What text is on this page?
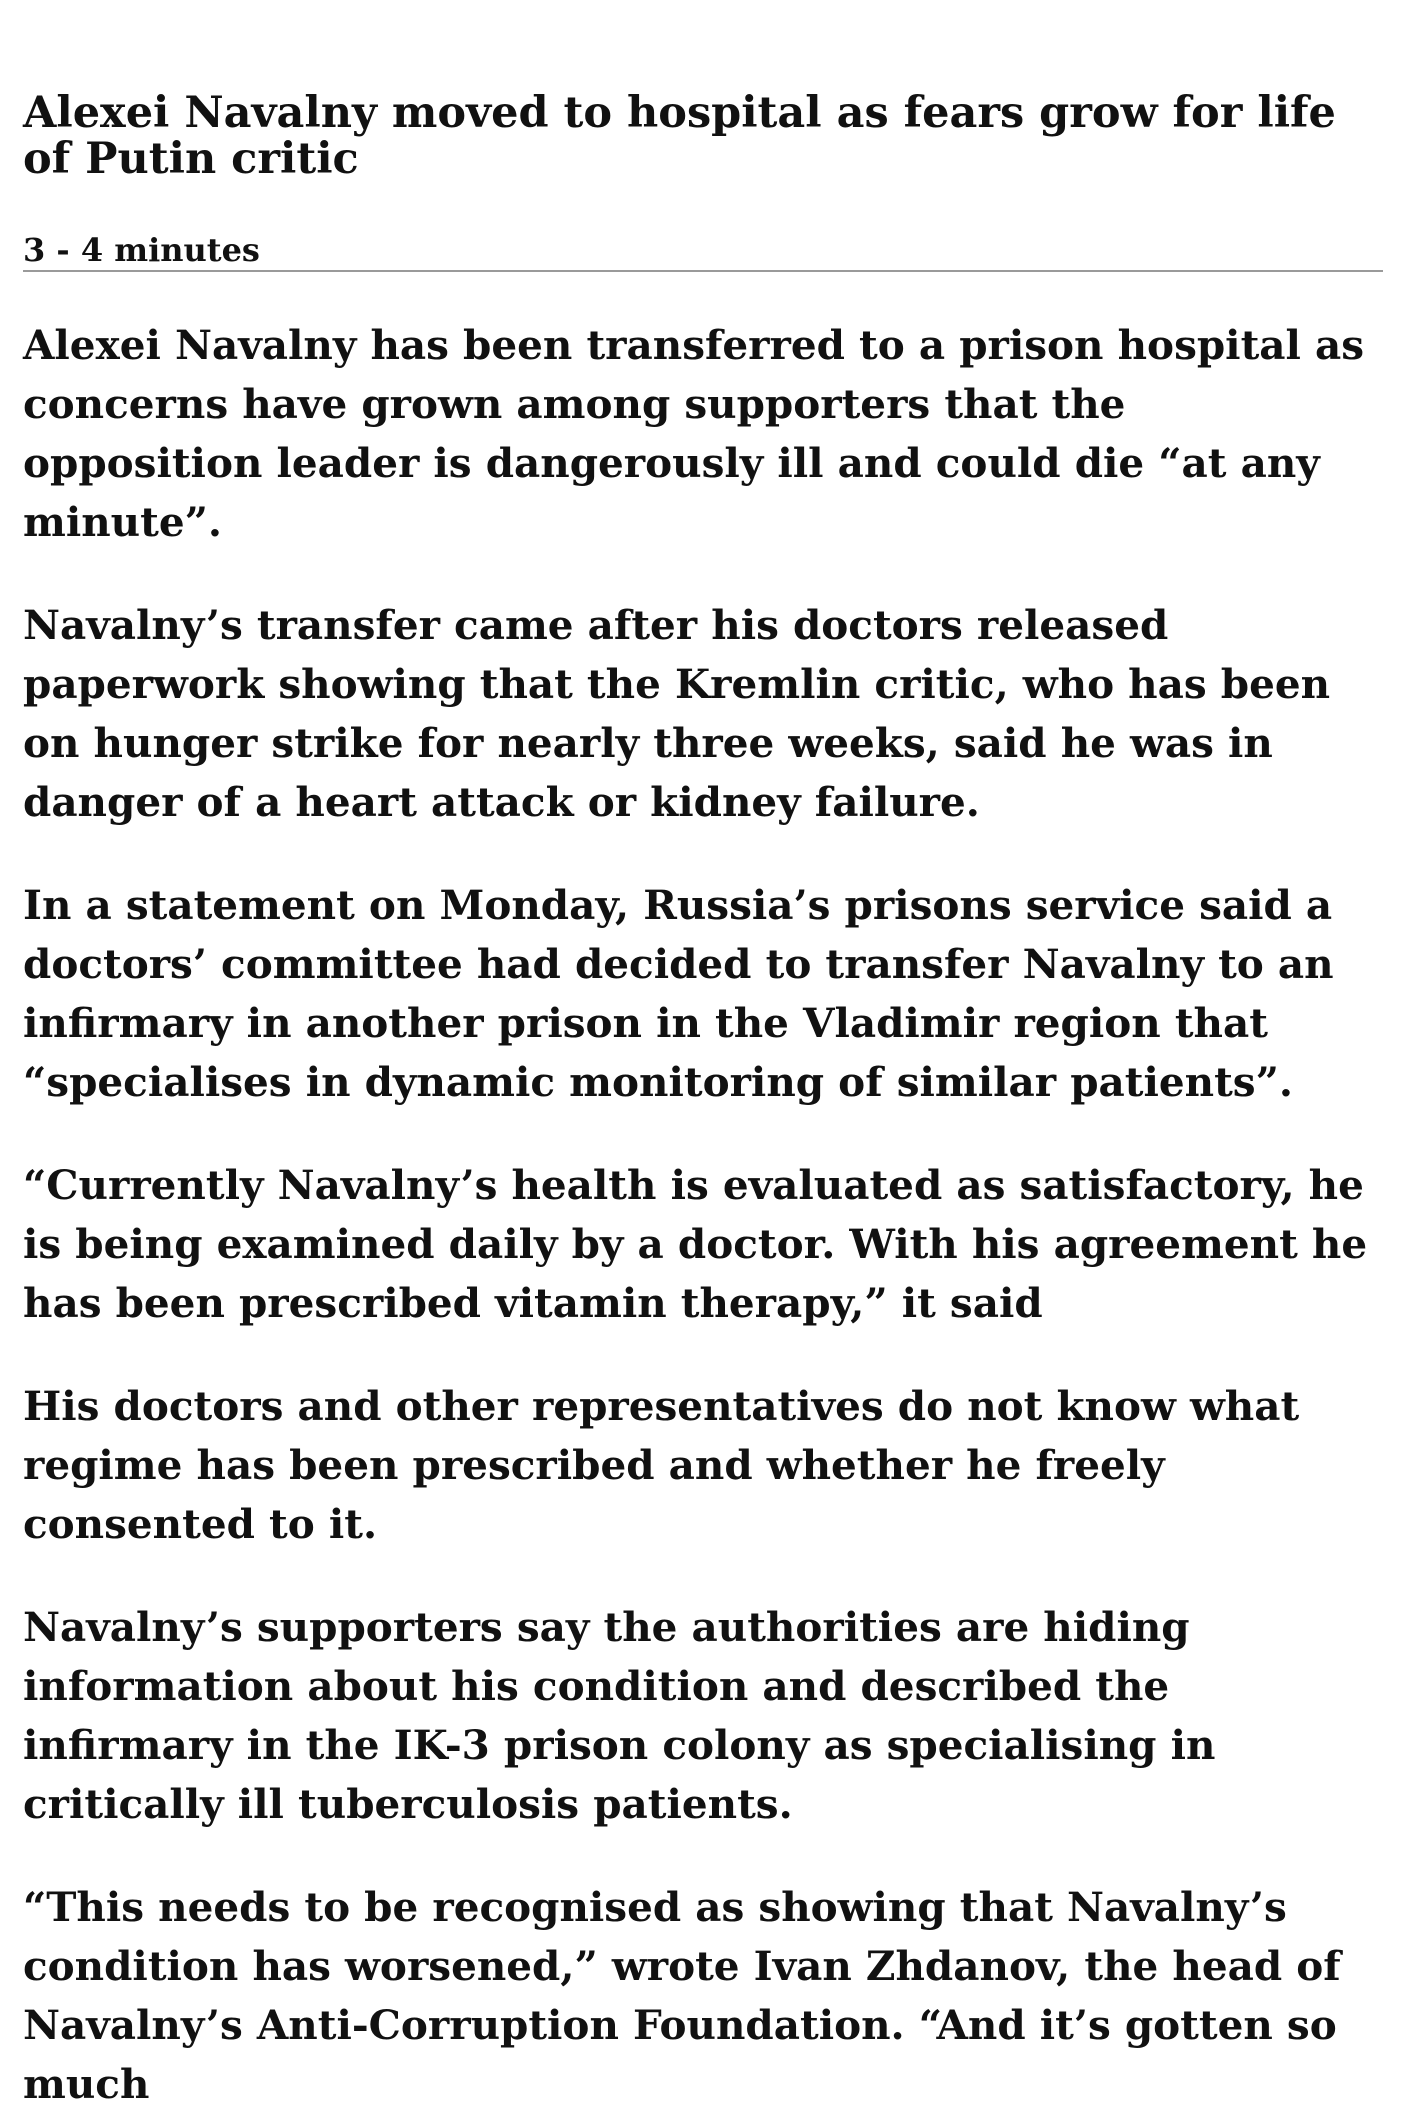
Alexei Navalny moved to hospital as fears grow for life of Putin critic
3 - 4 minutes

Alexei Navalny has been transferred to a prison hospital as concerns have grown among supporters that the opposition leader is dangerously ill and could die “at any minute”.

Navalny’s transfer came after his doctors released paperwork showing that the Kremlin critic, who has been on hunger strike for nearly three weeks, said he was in danger of a heart attack or kidney failure.

In a statement on Monday, Russia’s prisons service said a doctors’ committee had decided to transfer Navalny to an infirmary in another prison in the Vladimir region that “specialises in dynamic monitoring of similar patients”.

“Currently Navalny’s health is evaluated as satisfactory, he is being examined daily by a doctor. With his agreement he has been prescribed vitamin therapy,” it said

His doctors and other representatives do not know what regime has been prescribed and whether he freely consented to it.

Navalny’s supporters say the authorities are hiding information about his condition and described the infirmary in the IK-3 prison colony as specialising in critically ill tuberculosis patients.

“This needs to be recognised as showing that Navalny’s condition has worsened,” wrote Ivan Zhdanov, the head of Navalny’s Anti-Corruption Foundation. “And it’s gotten so much
